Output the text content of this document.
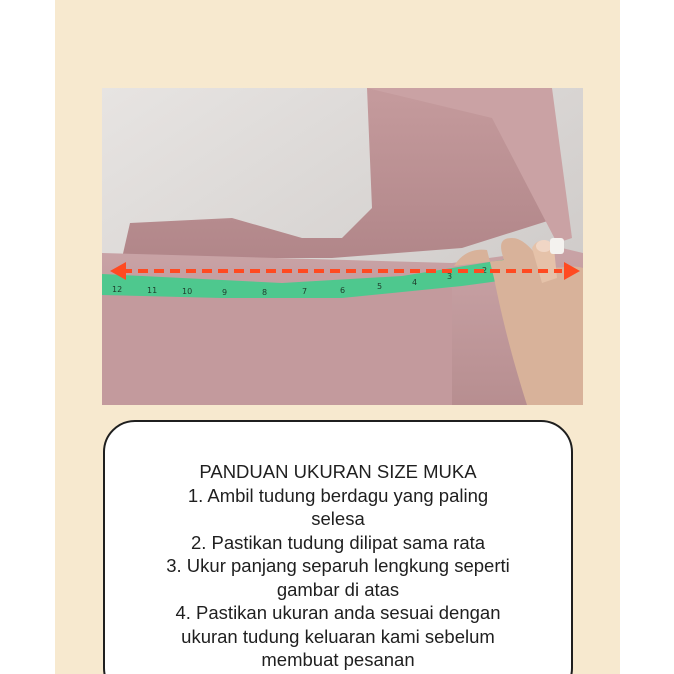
12	11	10	9	8	7	6	5	4
3
2
PANDUAN UKURAN SIZE MUKA
1. Ambil tudung berdagu yang paling
selesa
2. Pastikan tudung dilipat sama rata
3. Ukur panjang separuh lengkung seperti
gambar di atas
4. Pastikan ukuran anda sesuai dengan
ukuran tudung keluaran kami sebelum
membuat pesanan
